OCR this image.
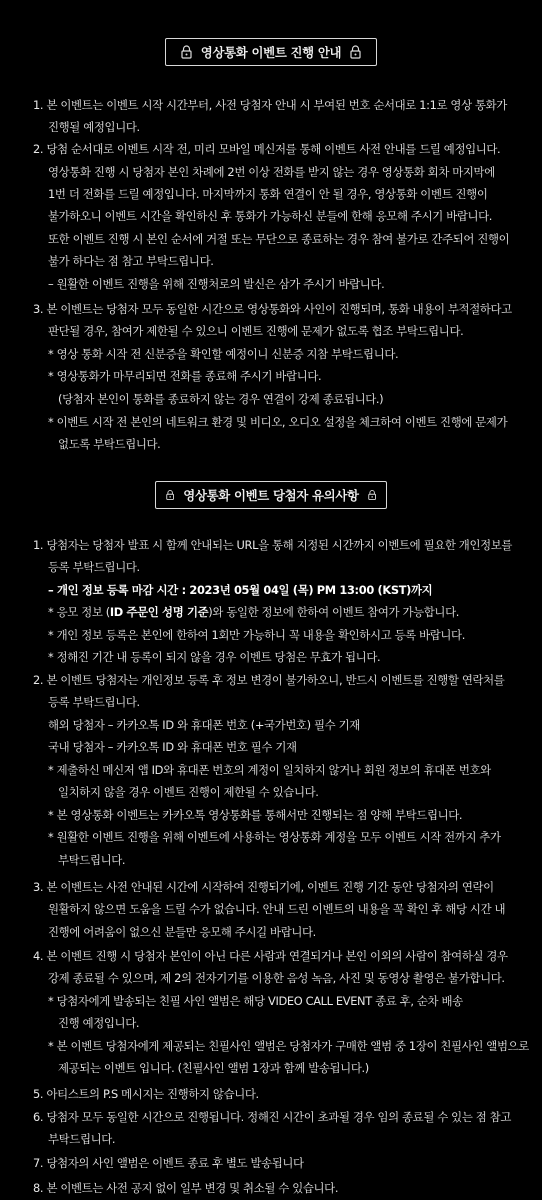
영상통화 이벤트 진행 안내
1. 본 이벤트는 이벤트 시작 시간부터, 사전 당첨자 안내 시 부여된 번호 순서대로 1:1로 영상 통화가
진행될 예정입니다.
2. 당첨 순서대로 이벤트 시작 전, 미리 모바일 메신저를 통해 이벤트 사전 안내를 드릴 예정입니다.
영상통화 진행 시 당첨자 본인 차례에 2번 이상 전화를 받지 않는 경우 영상통화 회차 마지막에
1번 더 전화를 드릴 예정입니다. 마지막까지 통화 연결이 안 될 경우, 영상통화 이벤트 진행이
불가하오니 이벤트 시간을 확인하신 후 통화가 가능하신 분들에 한해 응모해 주시기 바랍니다.
또한 이벤트 진행 시 본인 순서에 거절 또는 무단으로 종료하는 경우 참여 불가로 간주되어 진행이
불가 하다는 점 참고 부탁드립니다.
– 원활한 이벤트 진행을 위해 진행처로의 발신은 삼가 주시기 바랍니다.
3. 본 이벤트는 당첨자 모두 동일한 시간으로 영상통화와 사인이 진행되며, 통화 내용이 부적절하다고
판단될 경우, 참여가 제한될 수 있으니 이벤트 진행에 문제가 없도록 협조 부탁드립니다.
* 영상 통화 시작 전 신분증을 확인할 예정이니 신분증 지참 부탁드립니다.
* 영상통화가 마무리되면 전화를 종료해 주시기 바랍니다.
(당첨자 본인이 통화를 종료하지 않는 경우 연결이 강제 종료됩니다.)
* 이벤트 시작 전 본인의 네트워크 환경 및 비디오, 오디오 설정을 체크하여 이벤트 진행에 문제가
없도록 부탁드립니다.
영상통화 이벤트 당첨자 유의사항
1. 당첨자는 당첨자 발표 시 함께 안내되는 URL을 통해 지정된 시간까지 이벤트에 필요한 개인정보를
등록 부탁드립니다.
– 개인 정보 등록 마감 시간 : 2023년 05월 04일 (목) PM 13:00 (KST)까지
* 응모 정보 (ID 주문인 성명 기준)와 동일한 정보에 한하여 이벤트 참여가 가능합니다.
* 개인 정보 등록은 본인에 한하여 1회만 가능하니 꼭 내용을 확인하시고 등록 바랍니다.
* 정해진 기간 내 등록이 되지 않을 경우 이벤트 당첨은 무효가 됩니다.
2. 본 이벤트 당첨자는 개인정보 등록 후 정보 변경이 불가하오니, 반드시 이벤트를 진행할 연락처를
등록 부탁드립니다.
해외 당첨자 – 카카오톡 ID 와 휴대폰 번호 (+국가번호) 필수 기재
국내 당첨자 – 카카오톡 ID 와 휴대폰 번호 필수 기재
* 제출하신 메신저 앱 ID와 휴대폰 번호의 계정이 일치하지 않거나 회원 정보의 휴대폰 번호와
일치하지 않을 경우 이벤트 진행이 제한될 수 있습니다.
* 본 영상통화 이벤트는 카카오톡 영상통화를 통해서만 진행되는 점 양해 부탁드립니다.
* 원활한 이벤트 진행을 위해 이벤트에 사용하는 영상통화 계정을 모두 이벤트 시작 전까지 추가
부탁드립니다.
3. 본 이벤트는 사전 안내된 시간에 시작하여 진행되기에, 이벤트 진행 기간 동안 당첨자의 연락이
원활하지 않으면 도움을 드릴 수가 없습니다. 안내 드린 이벤트의 내용을 꼭 확인 후 해당 시간 내
진행에 어려움이 없으신 분들만 응모해 주시길 바랍니다.
4. 본 이벤트 진행 시 당첨자 본인이 아닌 다른 사람과 연결되거나 본인 이외의 사람이 참여하실 경우
강제 종료될 수 있으며, 제 2의 전자기기를 이용한 음성 녹음, 사진 및 동영상 촬영은 불가합니다.
* 당첨자에게 발송되는 친필 사인 앨범은 해당 VIDEO CALL EVENT 종료 후, 순차 배송
진행 예정입니다.
* 본 이벤트 당첨자에게 제공되는 친필사인 앨범은 당첨자가 구매한 앨범 중 1장이 친필사인 앨범으로
제공되는 이벤트 입니다. (친필사인 앨범 1장과 함께 발송됩니다.)
5. 아티스트의 P.S 메시지는 진행하지 않습니다.
6. 당첨자 모두 동일한 시간으로 진행됩니다. 정해진 시간이 초과될 경우 임의 종료될 수 있는 점 참고
부탁드립니다.
7. 당첨자의 사인 앨범은 이벤트 종료 후 별도 발송됩니다
8. 본 이벤트는 사전 공지 없이 일부 변경 및 취소될 수 있습니다.
